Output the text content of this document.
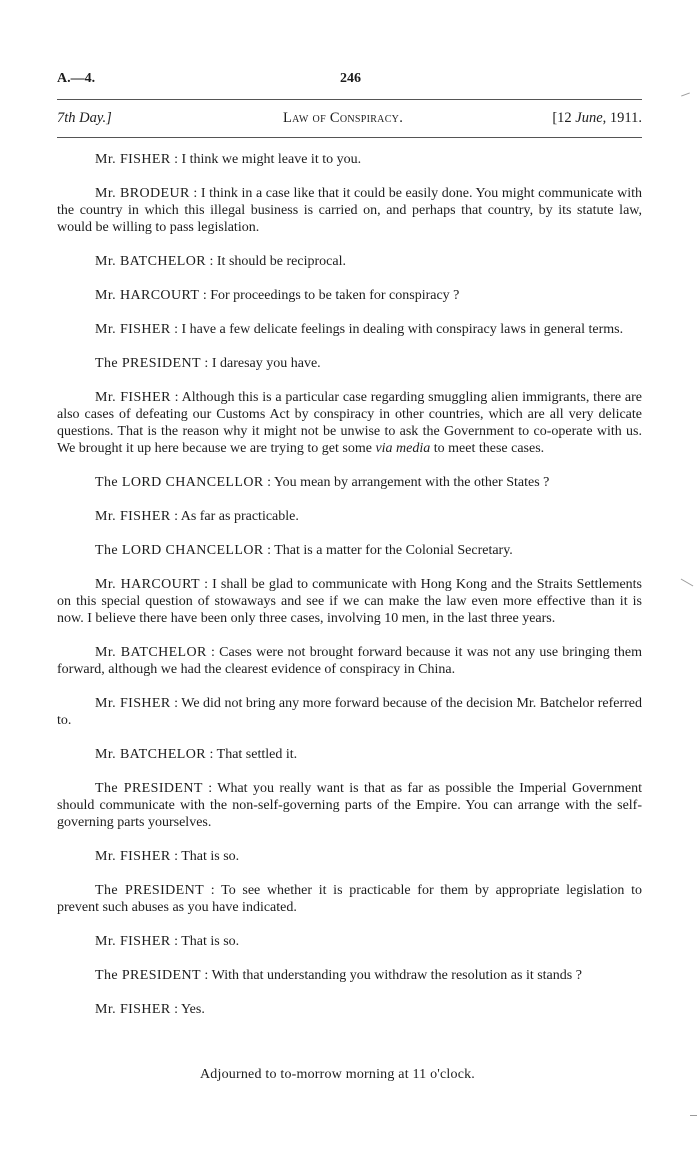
A.—4.	246
7th Day.]	Law of Conspiracy.	[12 June, 1911.

Mr. FISHER : I think we might leave it to you.

Mr. BRODEUR : I think in a case like that it could be easily done. You might communicate with the country in which this illegal business is carried on, and perhaps that country, by its statute law, would be willing to pass legislation.

Mr. BATCHELOR : It should be reciprocal.

Mr. HARCOURT : For proceedings to be taken for conspiracy ?

Mr. FISHER : I have a few delicate feelings in dealing with conspiracy laws in general terms.

The PRESIDENT : I daresay you have.

Mr. FISHER : Although this is a particular case regarding smuggling alien immigrants, there are also cases of defeating our Customs Act by conspiracy in other countries, which are all very delicate questions. That is the reason why it might not be unwise to ask the Government to co-operate with us. We brought it up here because we are trying to get some via media to meet these cases.

The LORD CHANCELLOR : You mean by arrangement with the other States ?

Mr. FISHER : As far as practicable.

The LORD CHANCELLOR : That is a matter for the Colonial Secretary.

Mr. HARCOURT : I shall be glad to communicate with Hong Kong and the Straits Settlements on this special question of stowaways and see if we can make the law even more effective than it is now. I believe there have been only three cases, involving 10 men, in the last three years.

Mr. BATCHELOR : Cases were not brought forward because it was not any use bringing them forward, although we had the clearest evidence of conspiracy in China.

Mr. FISHER : We did not bring any more forward because of the decision Mr. Batchelor referred to.

Mr. BATCHELOR : That settled it.

The PRESIDENT : What you really want is that as far as possible the Imperial Government should communicate with the non-self-governing parts of the Empire. You can arrange with the self-governing parts yourselves.

Mr. FISHER : That is so.

The PRESIDENT : To see whether it is practicable for them by appropriate legislation to prevent such abuses as you have indicated.

Mr. FISHER : That is so.

The PRESIDENT : With that understanding you withdraw the resolution as it stands ?

Mr. FISHER : Yes.

Adjourned to to-morrow morning at 11 o'clock.
